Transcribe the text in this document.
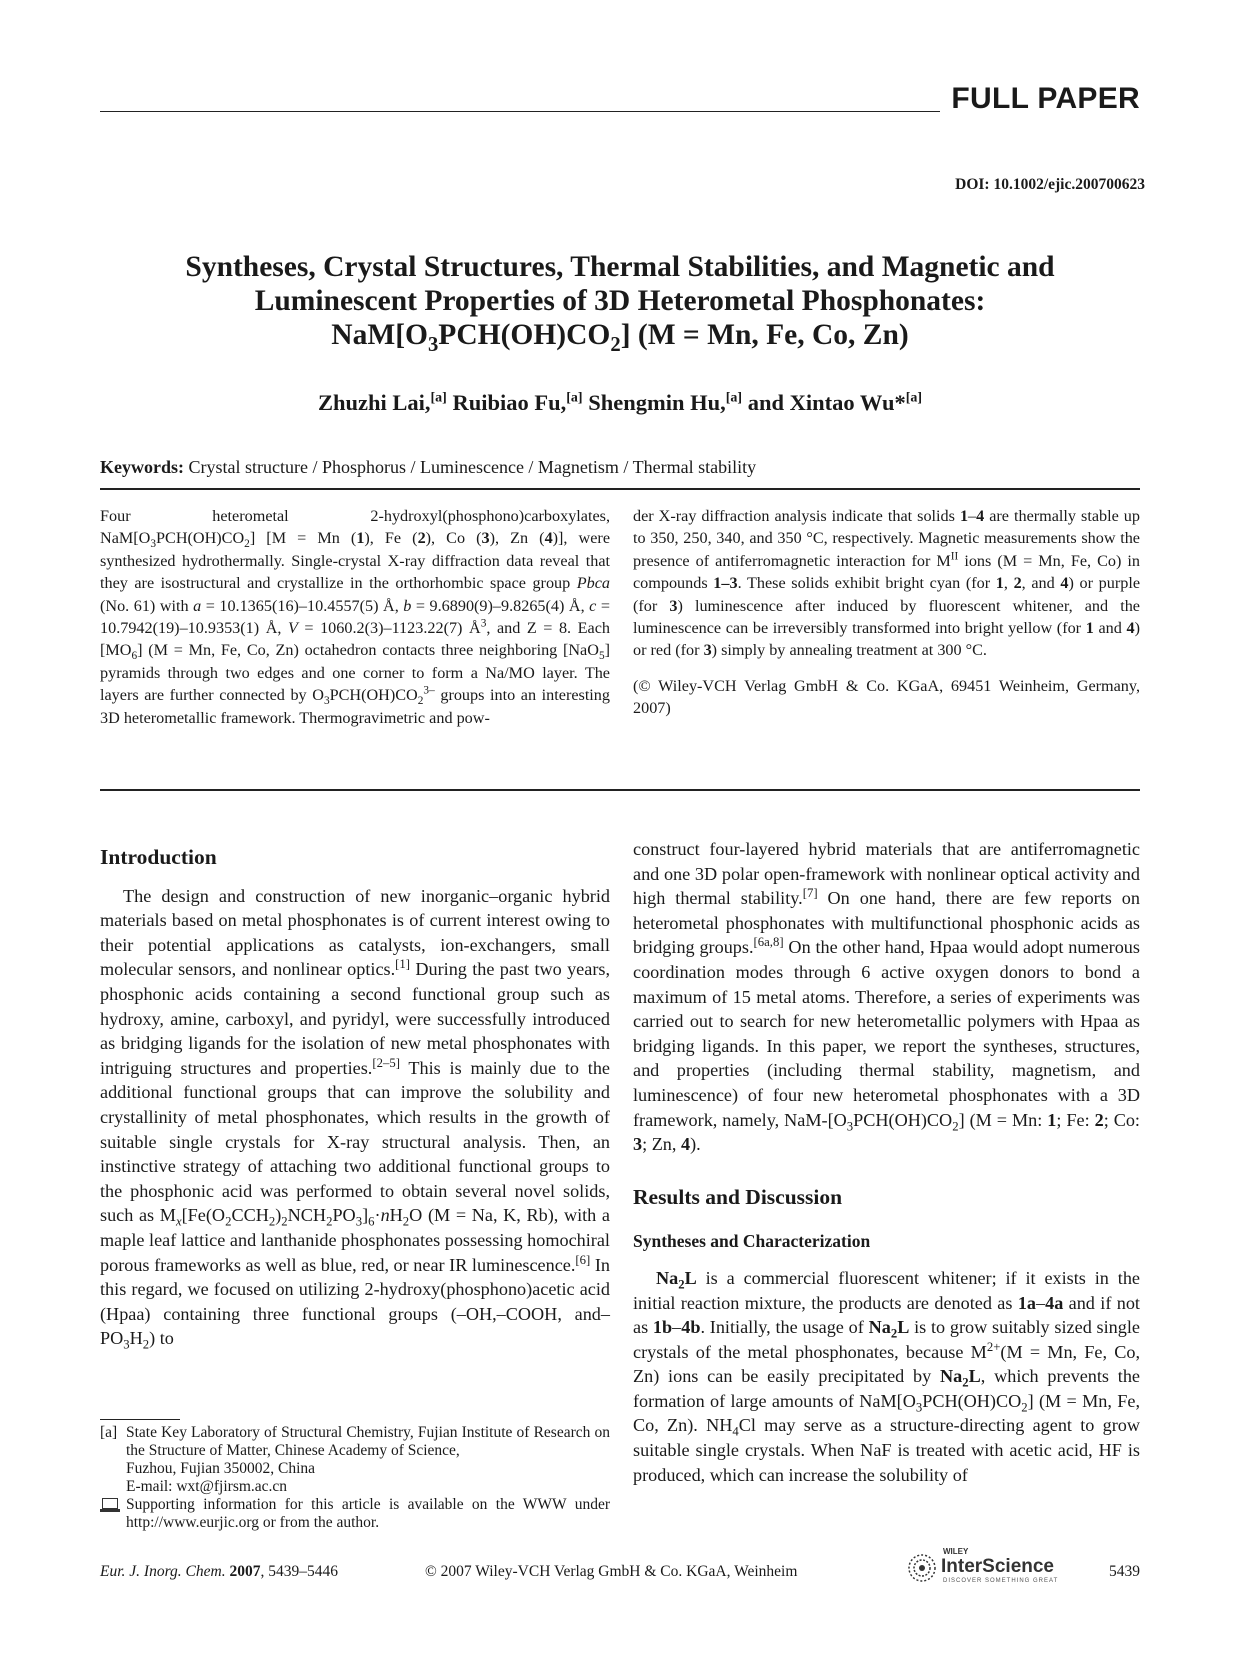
FULL PAPER
DOI: 10.1002/ejic.200700623
Syntheses, Crystal Structures, Thermal Stabilities, and Magnetic and
Luminescent Properties of 3D Heterometal Phosphonates:
$NaM[O_3PCH(OH)CO_2] (M = Mn$, Fe, Co, Zn)
Zhuzhi Lai,[a] Ruibiao Fu,[a] Shengmin Hu,[a] and Xintao Wu*[a]
Keywords: Crystal structure / Phosphorus / Luminescence / Magnetism / Thermal stability
Four heterometal 2-hydroxyl(phosphono)carboxylates, $NaM[O_3PCH(OH)CO_2] [M = Mn$ (1), Fe (2), Co (3), Zn (4)], were synthesized hydrothermally. Single-crystal X-ray diffraction data reveal that they are isostructural and crystallize in the orthorhombic space group Pbca (No. 61) with a = 10.1365(16)–10.4557(5) Å, b = 9.6890(9)–9.8265(4) Å, c = 10.7942(19)–10.9353(1) Å, V = 1060.2(3)–1123.22(7) $Å^3$, and Z = 8. Each $[MO_6] (M = Mn$, Fe, Co, Zn) octahedron contacts three neighboring [NaO$_5$] pyramids through two edges and one corner to form a Na/MO layer. The layers are further connected by $O_3PCH(OH)CO_2^{3-}$ groups into an interesting 3D heterometallic framework. Thermogravimetric and pow-
der X-ray diffraction analysis indicate that solids 1–4 are thermally stable up to 350, 250, 340, and 350 °C, respectively. Magnetic measurements show the presence of antiferromagnetic interaction for $M^{II}$ ions (M = Mn, Fe, Co) in compounds 1–3. These solids exhibit bright cyan (for 1, 2, and 4) or purple (for 3) luminescence after induced by fluorescent whitener, and the luminescence can be irreversibly transformed into bright yellow (for 1 and 4) or red (for 3) simply by annealing treatment at 300 °C.
(© Wiley-VCH Verlag GmbH & Co. KGaA, 69451 Weinheim, Germany, 2007)
Introduction

The design and construction of new inorganic–organic hybrid materials based on metal phosphonates is of current interest owing to their potential applications as catalysts, ion-exchangers, small molecular sensors, and nonlinear optics.[1] During the past two years, phosphonic acids containing a second functional group such as hydroxy, amine, carboxyl, and pyridyl, were successfully introduced as bridging ligands for the isolation of new metal phosphonates with intriguing structures and properties.[2–5] This is mainly due to the additional functional groups that can improve the solubility and crystallinity of metal phosphonates, which results in the growth of suitable single crystals for X-ray structural analysis. Then, an instinctive strategy of attaching two additional functional groups to the phosphonic acid was performed to obtain several novel solids, such as $M_x[Fe(O_2CCH_2)_2NCH_2PO_3]_6\cdot nH_2O$ (M = Na, K, Rb), with a maple leaf lattice and lanthanide phosphonates possessing homochiral porous frameworks as well as blue, red, or near IR luminescence.[6] In this regard, we focused on utilizing 2-hydroxy(phosphono)acetic acid (Hpaa) containing three functional groups (–OH,–COOH, and–$PO_3H_2$) to

construct four-layered hybrid materials that are antiferromagnetic and one 3D polar open-framework with nonlinear optical activity and high thermal stability.[7] On one hand, there are few reports on heterometal phosphonates with multifunctional phosphonic acids as bridging groups.[6a,8] On the other hand, Hpaa would adopt numerous coordination modes through 6 active oxygen donors to bond a maximum of 15 metal atoms. Therefore, a series of experiments was carried out to search for new heterometallic polymers with Hpaa as bridging ligands. In this paper, we report the syntheses, structures, and properties (including thermal stability, magnetism, and luminescence) of four new heterometal phosphonates with a 3D framework, namely, NaM-$[O_3PCH(OH)CO_2] (M = Mn$: 1; Fe: 2; Co: 3; Zn, 4).
Results and Discussion
Syntheses and Characterization

$Na_2L$ is a commercial fluorescent whitener; if it exists in the initial reaction mixture, the products are denoted as 1a–4a and if not as 1b–4b. Initially, the usage of $Na_2L$ is to grow suitably sized single crystals of the metal phosphonates, because $M^{2+}(M = Mn$, Fe, Co, Zn) ions can be easily precipitated by $Na_2L$, which prevents the formation of large amounts of $NaM[O_3PCH(OH)CO_2] (M = Mn$, Fe, Co, Zn). $NH_4Cl$ may serve as a structure-directing agent to grow suitable single crystals. When NaF is treated with acetic acid, HF is produced, which can increase the solubility of

[a] State Key Laboratory of Structural Chemistry, Fujian Institute of Research on the Structure of Matter, Chinese Academy of Science,
Fuzhou, Fujian 350002, China
E-mail: wxt@fjirsm.ac.cn
Supporting information for this article is available on the WWW under http://www.eurjic.org or from the author.
Eur. J. Inorg. Chem. 2007, 5439–5446	© 2007 Wiley-VCH Verlag GmbH & Co. KGaA, Weinheim
WILEY
InterScience
DISCOVER SOMETHING GREAT
5439
